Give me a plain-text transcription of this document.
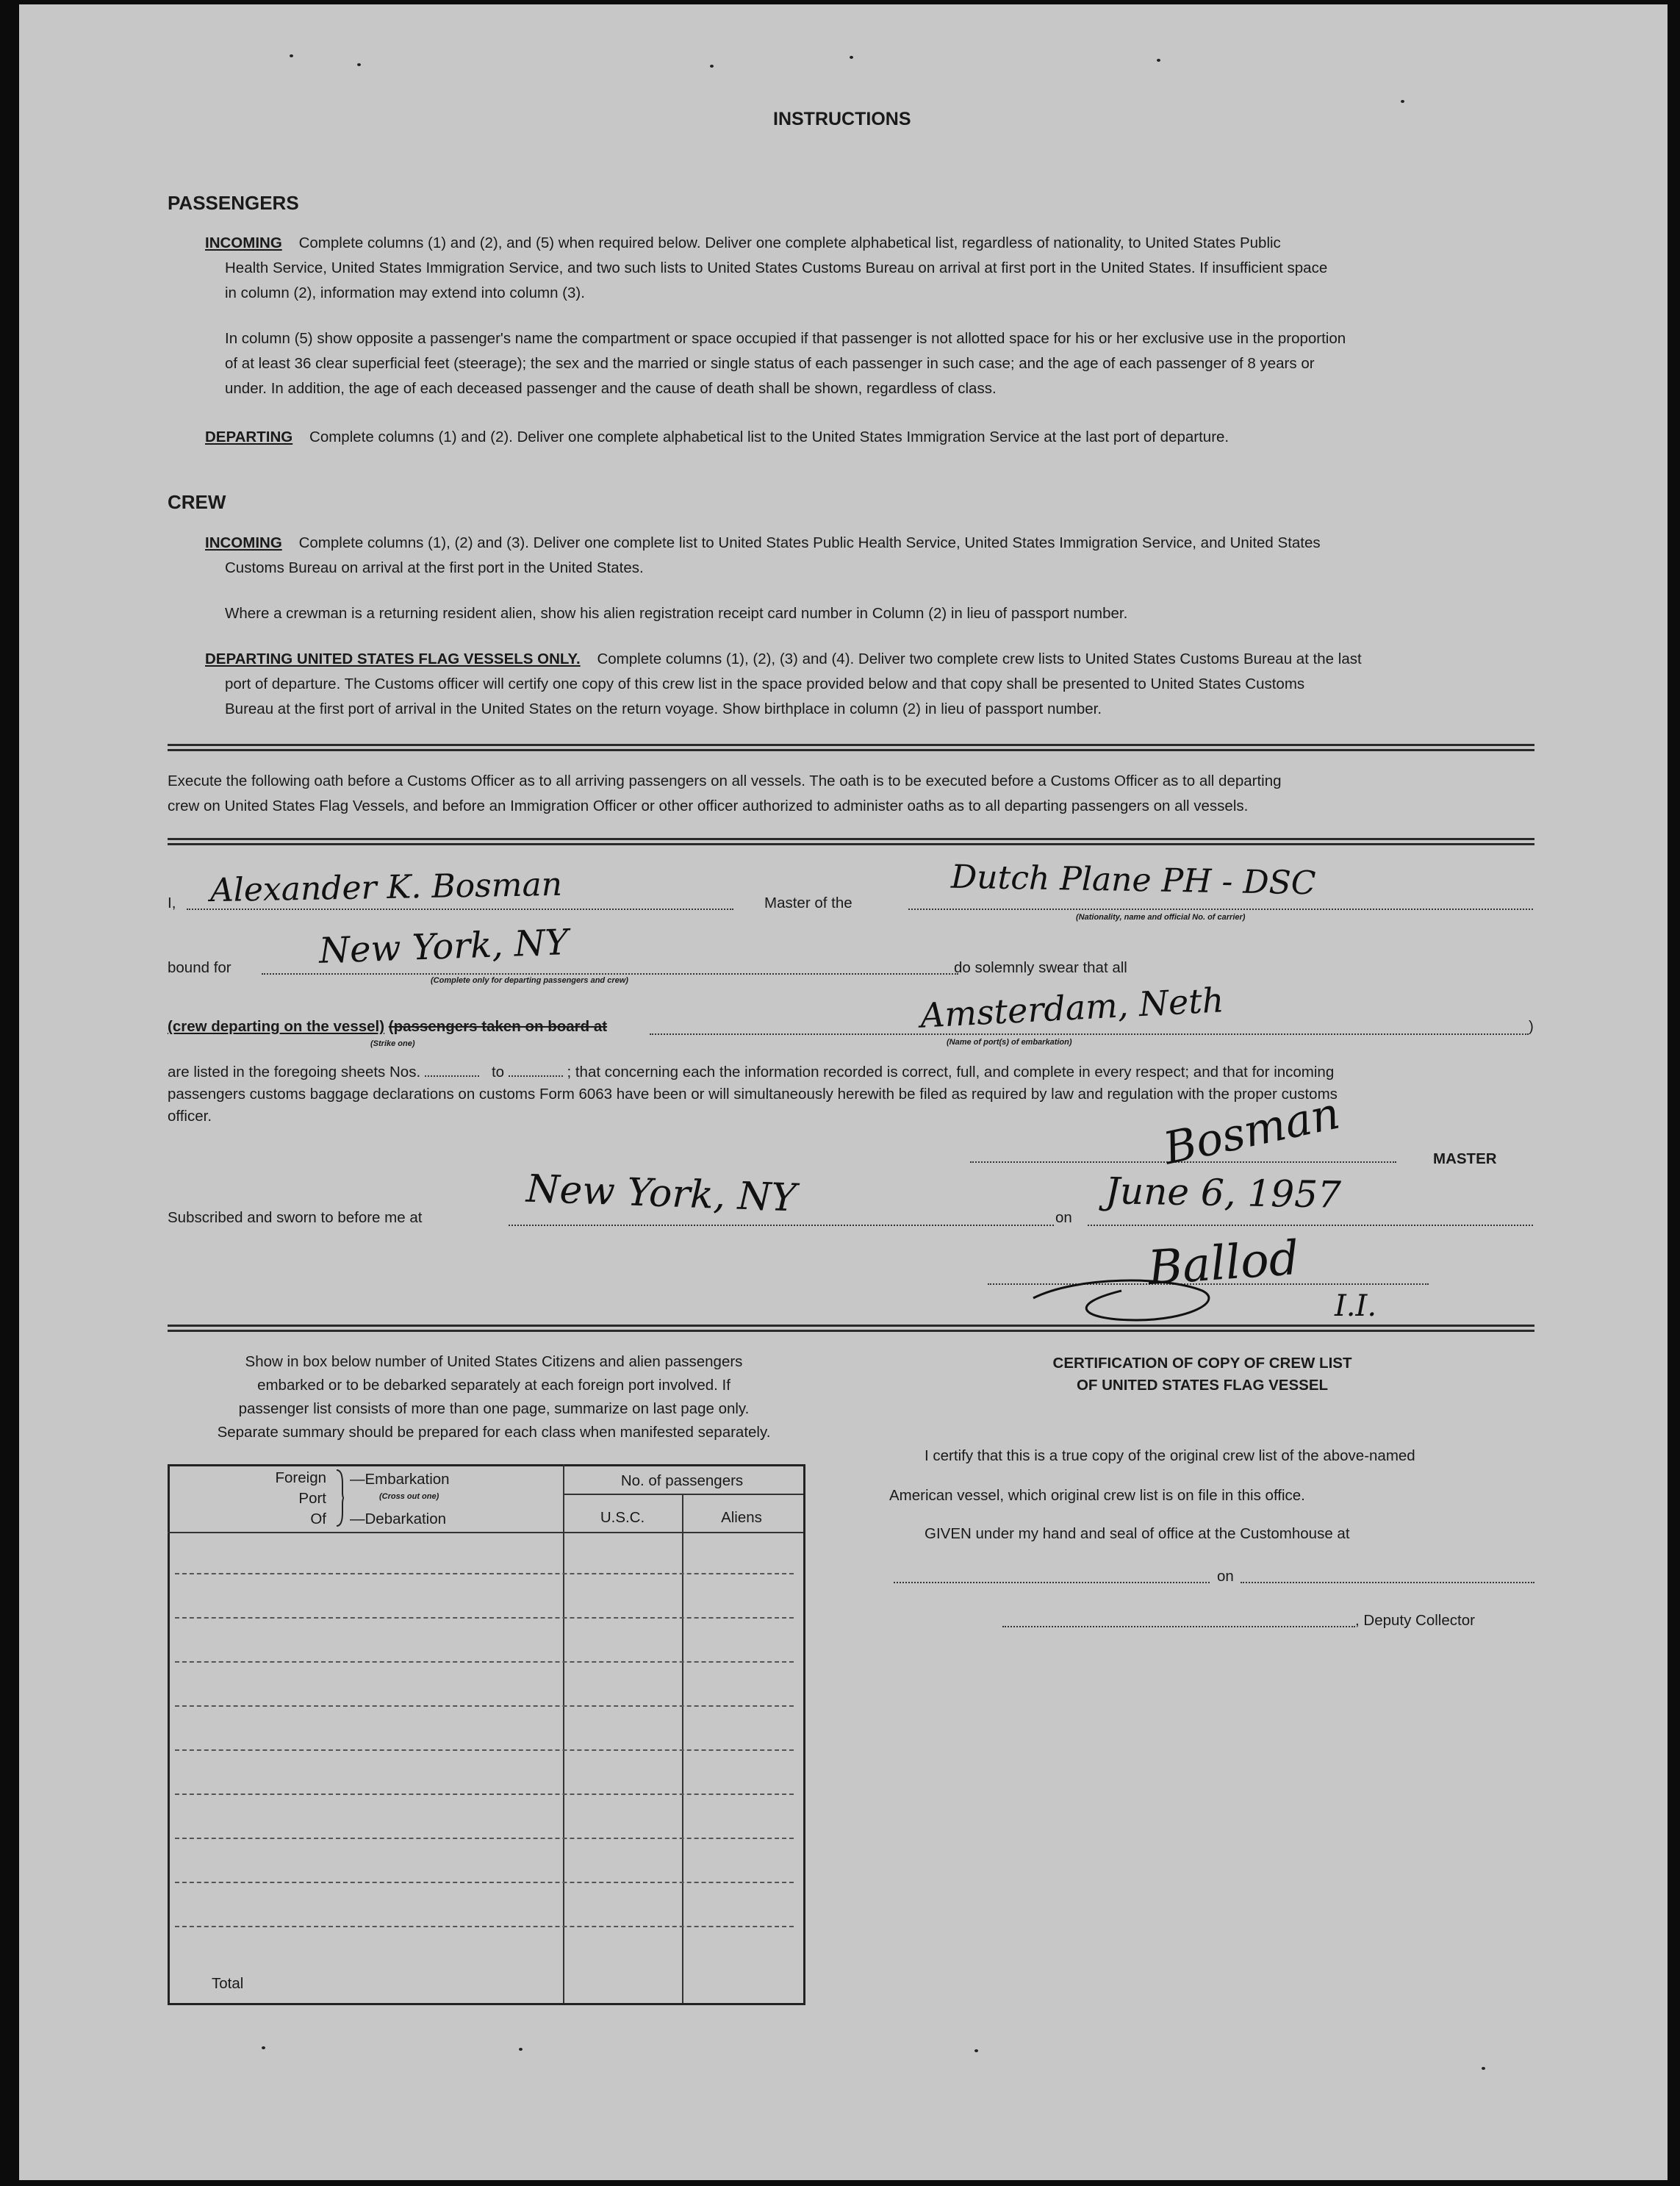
INSTRUCTIONS
PASSENGERS
INCOMING Complete columns (1) and (2), and (5) when required below. Deliver one complete alphabetical list, regardless of nationality, to United States Public
Health Service, United States Immigration Service, and two such lists to United States Customs Bureau on arrival at first port in the United States. If insufficient space
in column (2), information may extend into column (3).
In column (5) show opposite a passenger's name the compartment or space occupied if that passenger is not allotted space for his or her exclusive use in the proportion
of at least 36 clear superficial feet (steerage); the sex and the married or single status of each passenger in such case; and the age of each passenger of 8 years or
under. In addition, the age of each deceased passenger and the cause of death shall be shown, regardless of class.
DEPARTING Complete columns (1) and (2). Deliver one complete alphabetical list to the United States Immigration Service at the last port of departure.
CREW
INCOMING Complete columns (1), (2) and (3). Deliver one complete list to United States Public Health Service, United States Immigration Service, and United States
Customs Bureau on arrival at the first port in the United States.
Where a crewman is a returning resident alien, show his alien registration receipt card number in Column (2) in lieu of passport number.
DEPARTING UNITED STATES FLAG VESSELS ONLY. Complete columns (1), (2), (3) and (4). Deliver two complete crew lists to United States Customs Bureau at the last
port of departure. The Customs officer will certify one copy of this crew list in the space provided below and that copy shall be presented to United States Customs
Bureau at the first port of arrival in the United States on the return voyage. Show birthplace in column (2) in lieu of passport number.
Execute the following oath before a Customs Officer as to all arriving passengers on all vessels. The oath is to be executed before a Customs Officer as to all departing
crew on United States Flag Vessels, and before an Immigration Officer or other officer authorized to administer oaths as to all departing passengers on all vessels.
I, Alexander K. Bosman	Master of the
Dutch Plane PH - DSC
(Nationality, name and official No. of carrier)
bound for New York, NY
(Complete only for departing passengers and crew)
do solemnly swear that all
(crew departing on the vessel) (passengers taken on board at
(Strike one)
Amsterdam, Neth
(Name of port(s) of embarkation)
)
are listed in the foregoing sheets Nos.	to	; that concerning each the information recorded is correct, full, and complete in every respect; and that for incoming
passengers customs baggage declarations on customs Form 6063 have been or will simultaneously herewith be filed as required by law and regulation with the proper customs
officer.	Bosman	MASTER
Subscribed and sworn to before me at	New York, NY	on
June 6, 1957
Ballod
I.I.
Show in box below number of United States Citizens and alien passengers
embarked or to be debarked separately at each foreign port involved. If
passenger list consists of more than one page, summarize on last page only.
Separate summary should be prepared for each class when manifested separately.
Foreign
Port
Of
—Embarkation
(Cross out one)
—Debarkation
No. of passengers
U.S.C.	Aliens
Total
CERTIFICATION OF COPY OF CREW LIST
OF UNITED STATES FLAG VESSEL
I certify that this is a true copy of the original crew list of the above-named
American vessel, which original crew list is on file in this office.
GIVEN under my hand and seal of office at the Customhouse at
on
, Deputy Collector
